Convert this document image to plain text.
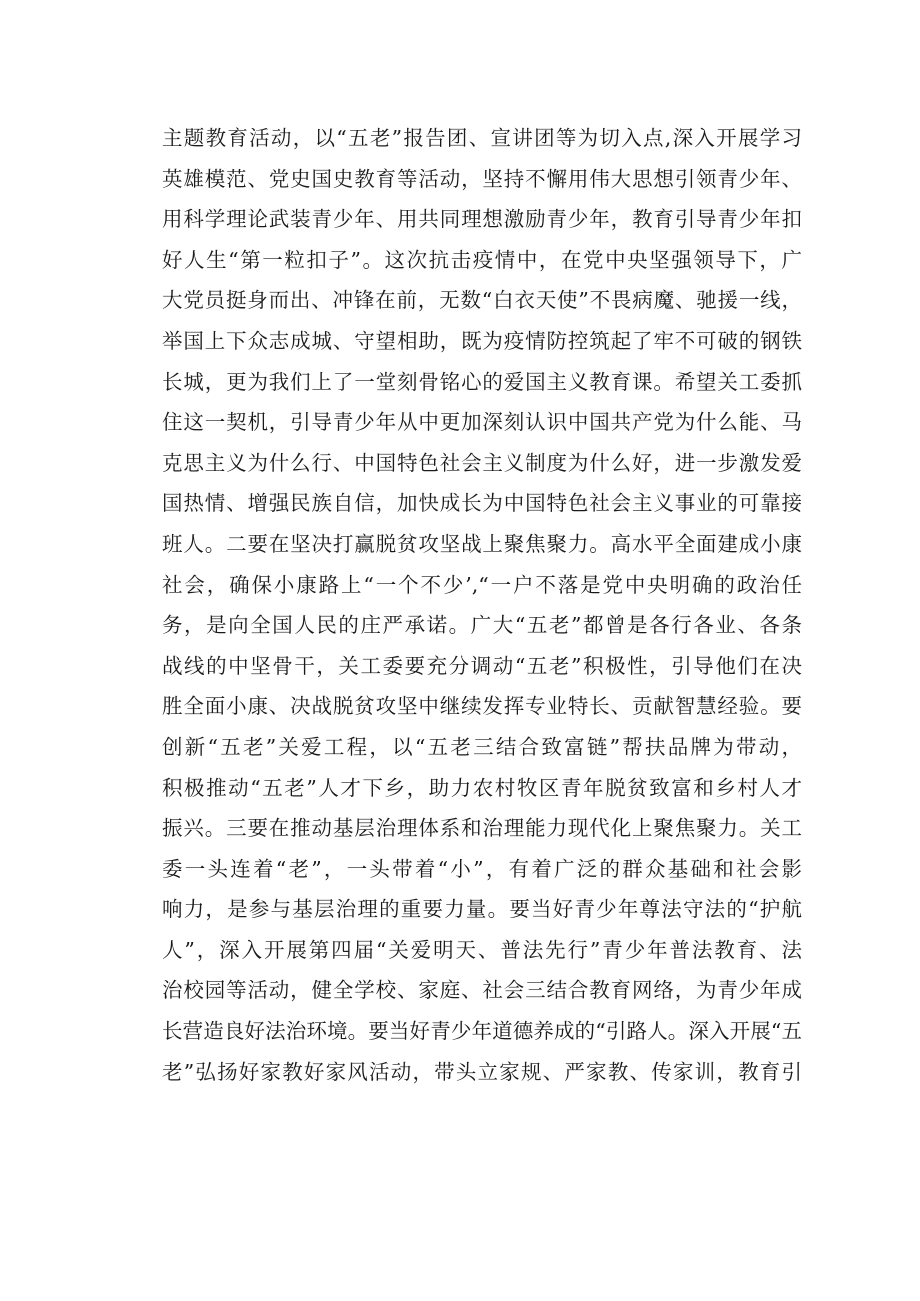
主题教育活动，以“五老”报告团、宣讲团等为切入点,深入开展学习
英雄模范、党史国史教育等活动，坚持不懈用伟大思想引领青少年、
用科学理论武装青少年、用共同理想激励青少年，教育引导青少年扣
好人生“第一粒扣子”。这次抗击疫情中，在党中央坚强领导下，广
大党员挺身而出、冲锋在前，无数“白衣天使”不畏病魔、驰援一线，
举国上下众志成城、守望相助，既为疫情防控筑起了牢不可破的钢铁
长城，更为我们上了一堂刻骨铭心的爱国主义教育课。希望关工委抓
住这一契机，引导青少年从中更加深刻认识中国共产党为什么能、马
克思主义为什么行、中国特色社会主义制度为什么好，进一步激发爱
国热情、增强民族自信，加快成长为中国特色社会主义事业的可靠接
班人。二要在坚决打赢脱贫攻坚战上聚焦聚力。高水平全面建成小康
社会，确保小康路上“一个不少’,“一户不落是党中央明确的政治任
务，是向全国人民的庄严承诺。广大“五老”都曾是各行各业、各条
战线的中坚骨干，关工委要充分调动“五老”积极性，引导他们在决
胜全面小康、决战脱贫攻坚中继续发挥专业特长、贡献智慧经验。要
创新“五老”关爱工程，以“五老三结合致富链”帮扶品牌为带动，
积极推动“五老”人才下乡，助力农村牧区青年脱贫致富和乡村人才
振兴。三要在推动基层治理体系和治理能力现代化上聚焦聚力。关工
委一头连着“老”，一头带着“小”，有着广泛的群众基础和社会影
响力，是参与基层治理的重要力量。要当好青少年尊法守法的“护航
人”，深入开展第四届“关爱明天、普法先行”青少年普法教育、法
治校园等活动，健全学校、家庭、社会三结合教育网络，为青少年成
长营造良好法治环境。要当好青少年道德养成的“引路人。深入开展“五
老”弘扬好家教好家风活动，带头立家规、严家教、传家训，教育引
